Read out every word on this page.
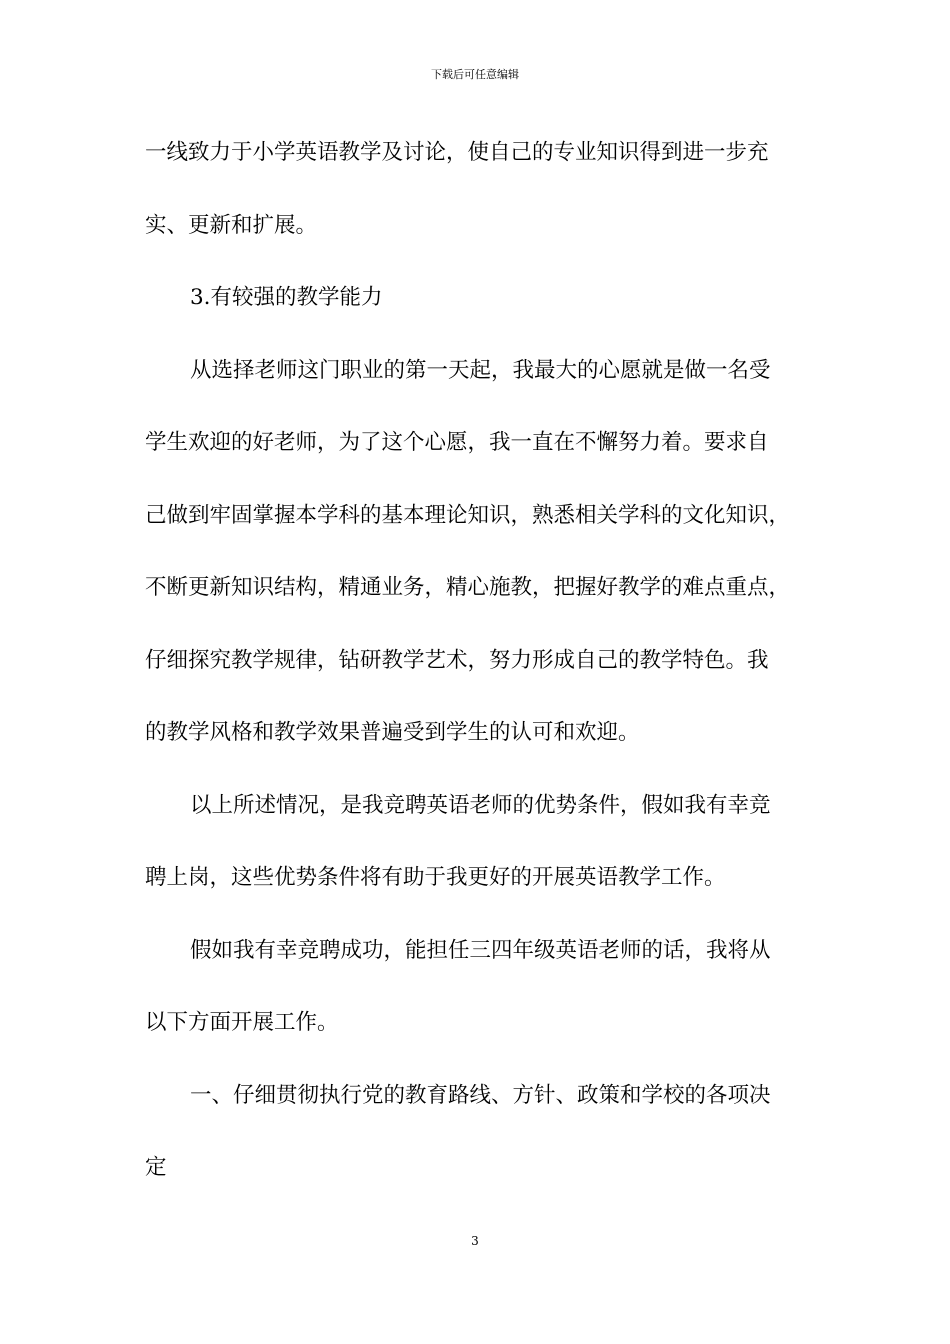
下载后可任意编辑
一线致力于小学英语教学及讨论，使自己的专业知识得到进一步充
实、更新和扩展。
3.有较强的教学能力
从选择老师这门职业的第一天起，我最大的心愿就是做一名受
学生欢迎的好老师，为了这个心愿，我一直在不懈努力着。要求自
己做到牢固掌握本学科的基本理论知识，熟悉相关学科的文化知识，
不断更新知识结构，精通业务，精心施教，把握好教学的难点重点，
仔细探究教学规律，钻研教学艺术，努力形成自己的教学特色。我
的教学风格和教学效果普遍受到学生的认可和欢迎。
以上所述情况，是我竞聘英语老师的优势条件，假如我有幸竞
聘上岗，这些优势条件将有助于我更好的开展英语教学工作。
假如我有幸竞聘成功，能担任三四年级英语老师的话，我将从
以下方面开展工作。
一、仔细贯彻执行党的教育路线、方针、政策和学校的各项决
定
3
